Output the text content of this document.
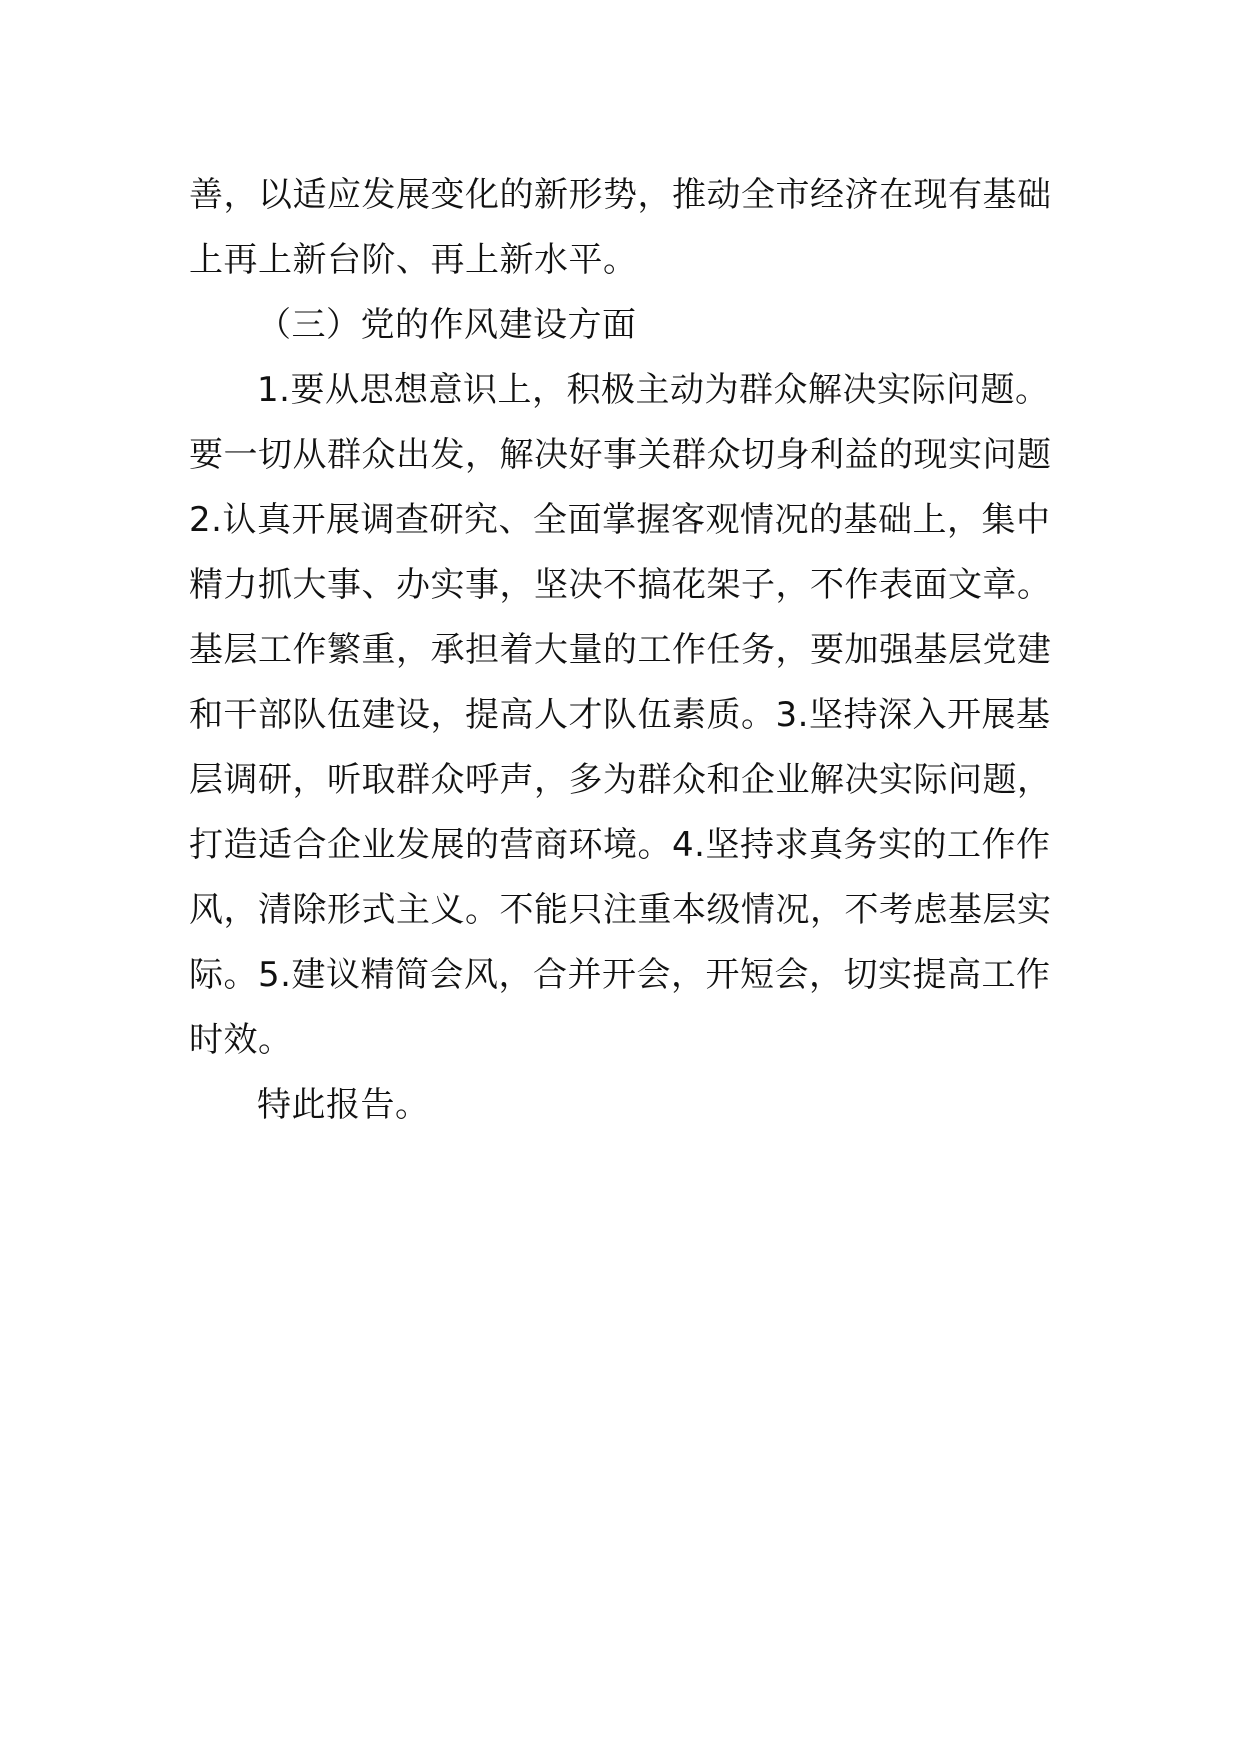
善，以适应发展变化的新形势，推动全市经济在现有基础
上再上新台阶、再上新水平。
（三）党的作风建设方面
1.要从思想意识上，积极主动为群众解决实际问题。
要一切从群众出发，解决好事关群众切身利益的现实问题
2.认真开展调查研究、全面掌握客观情况的基础上，集中
精力抓大事、办实事，坚决不搞花架子，不作表面文章。
基层工作繁重，承担着大量的工作任务，要加强基层党建
和干部队伍建设，提高人才队伍素质。3.坚持深入开展基
层调研，听取群众呼声，多为群众和企业解决实际问题，
打造适合企业发展的营商环境。4.坚持求真务实的工作作
风，清除形式主义。不能只注重本级情况，不考虑基层实
际。5.建议精简会风，合并开会，开短会，切实提高工作
时效。
特此报告。
